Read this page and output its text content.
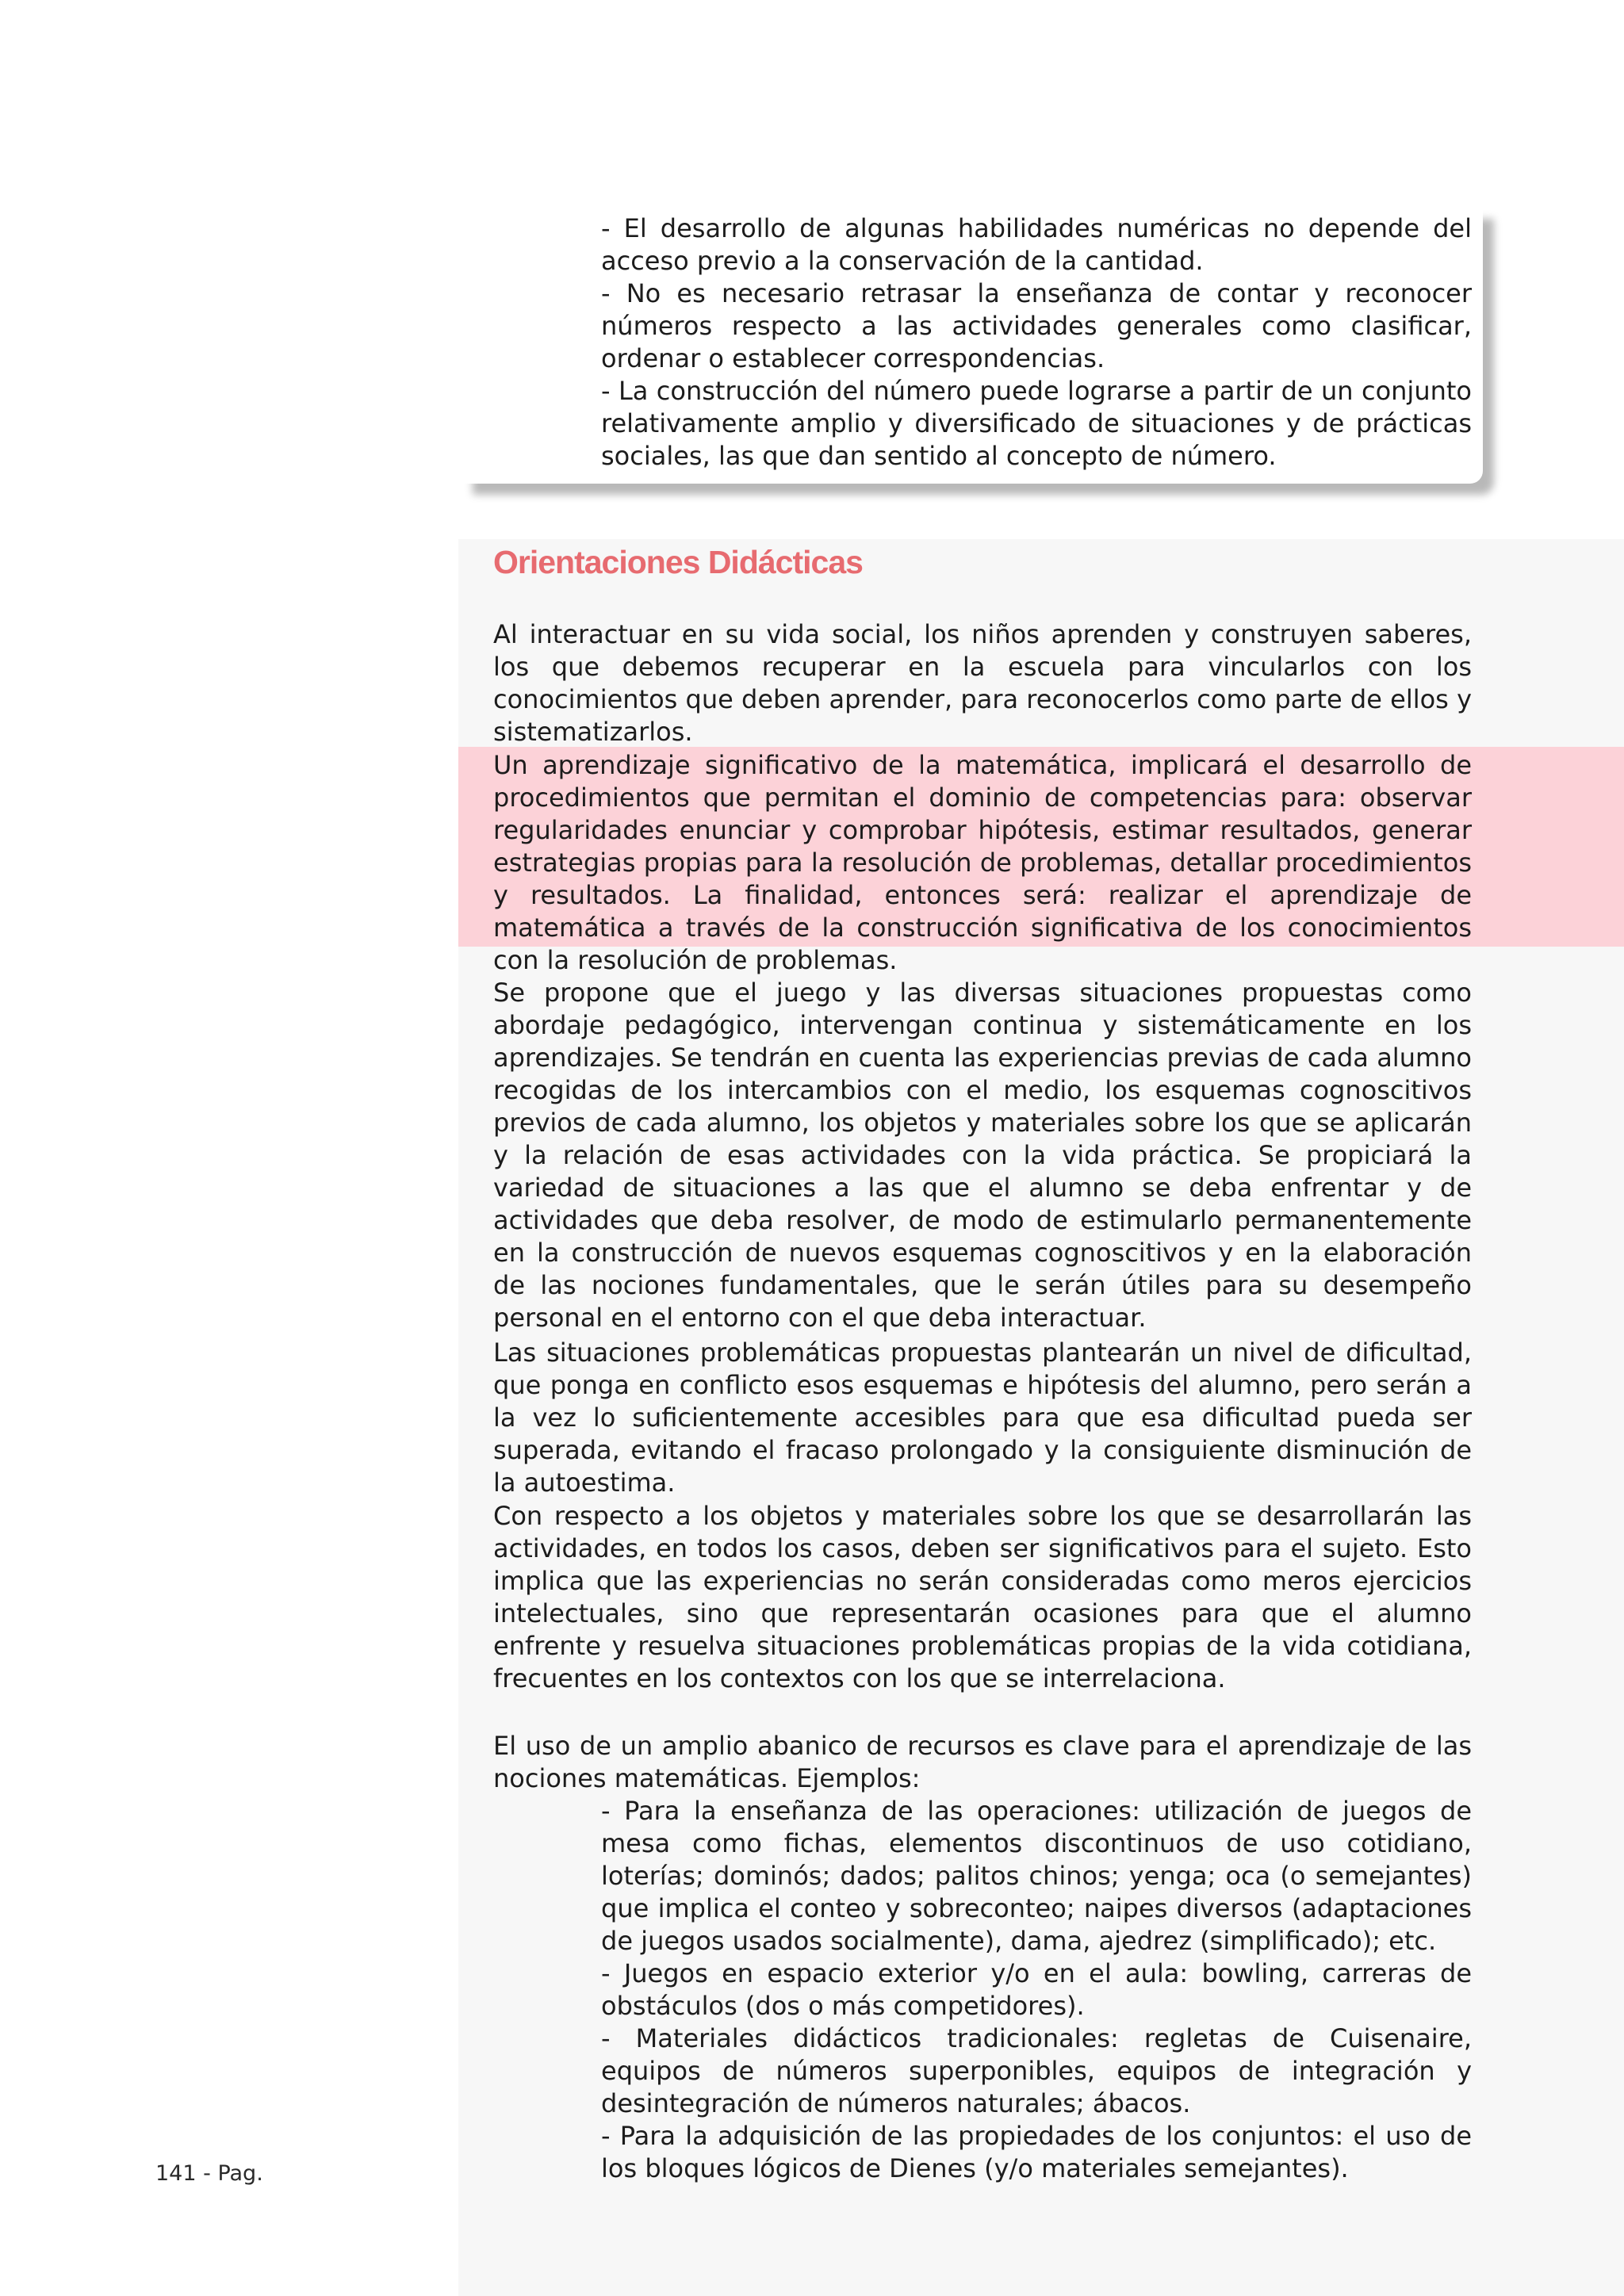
- El desarrollo de algunas habilidades numéricas no depende del acceso previo a la conservación de la cantidad.
- No es necesario retrasar la enseñanza de contar y reconocer números respecto a las actividades generales como clasificar, ordenar o establecer correspondencias.
- La construcción del número puede lograrse a partir de un conjunto relativamente amplio y diversificado de situaciones y de prácticas sociales, las que dan sentido al concepto de número.
Orientaciones Didácticas

Al interactuar en su vida social, los niños aprenden y construyen saberes, los que debemos recuperar en la escuela para vincularlos con los conocimientos que deben aprender, para reconocerlos como parte de ellos y sistematizarlos.

Un aprendizaje significativo de la matemática, implicará el desarrollo de procedimientos que permitan el dominio de competencias para: observar regularidades enunciar y comprobar hipótesis, estimar resultados, generar estrategias propias para la resolución de problemas, detallar procedimientos y resultados. La finalidad, entonces será: realizar el aprendizaje de matemática a través de la construcción significativa de los conocimientos con la resolución de problemas.

Se propone que el juego y las diversas situaciones propuestas como abordaje pedagógico, intervengan continua y sistemáticamente en los aprendizajes. Se tendrán en cuenta las experiencias previas de cada alumno recogidas de los intercambios con el medio, los esquemas cognoscitivos previos de cada alumno, los objetos y materiales sobre los que se aplicarán y la relación de esas actividades con la vida práctica. Se propiciará la variedad de situaciones a las que el alumno se deba enfrentar y de actividades que deba resolver, de modo de estimularlo permanentemente en la construcción de nuevos esquemas cognoscitivos y en la elaboración de las nociones fundamentales, que le serán útiles para su desempeño personal en el entorno con el que deba interactuar.

Las situaciones problemáticas propuestas plantearán un nivel de dificultad, que ponga en conflicto esos esquemas e hipótesis del alumno, pero serán a la vez lo suficientemente accesibles para que esa dificultad pueda ser superada, evitando el fracaso prolongado y la consiguiente disminución de la autoestima.

Con respecto a los objetos y materiales sobre los que se desarrollarán las actividades, en todos los casos, deben ser significativos para el sujeto. Esto implica que las experiencias no serán consideradas como meros ejercicios intelectuales, sino que representarán ocasiones para que el alumno enfrente y resuelva situaciones problemáticas propias de la vida cotidiana, frecuentes en los contextos con los que se interrelaciona.

El uso de un amplio abanico de recursos es clave para el aprendizaje de las nociones matemáticas. Ejemplos:

- Para la enseñanza de las operaciones: utilización de juegos de mesa como fichas, elementos discontinuos de uso cotidiano, loterías; dominós; dados; palitos chinos; yenga; oca (o semejantes) que implica el conteo y sobreconteo; naipes diversos (adaptaciones de juegos usados socialmente), dama, ajedrez (simplificado); etc.
- Juegos en espacio exterior y/o en el aula: bowling, carreras de obstáculos (dos o más competidores).
- Materiales didácticos tradicionales: regletas de Cuisenaire, equipos de números superponibles, equipos de integración y desintegración de números naturales; ábacos.
- Para la adquisición de las propiedades de los conjuntos: el uso de los bloques lógicos de Dienes (y/o materiales semejantes).

141 - Pag.
